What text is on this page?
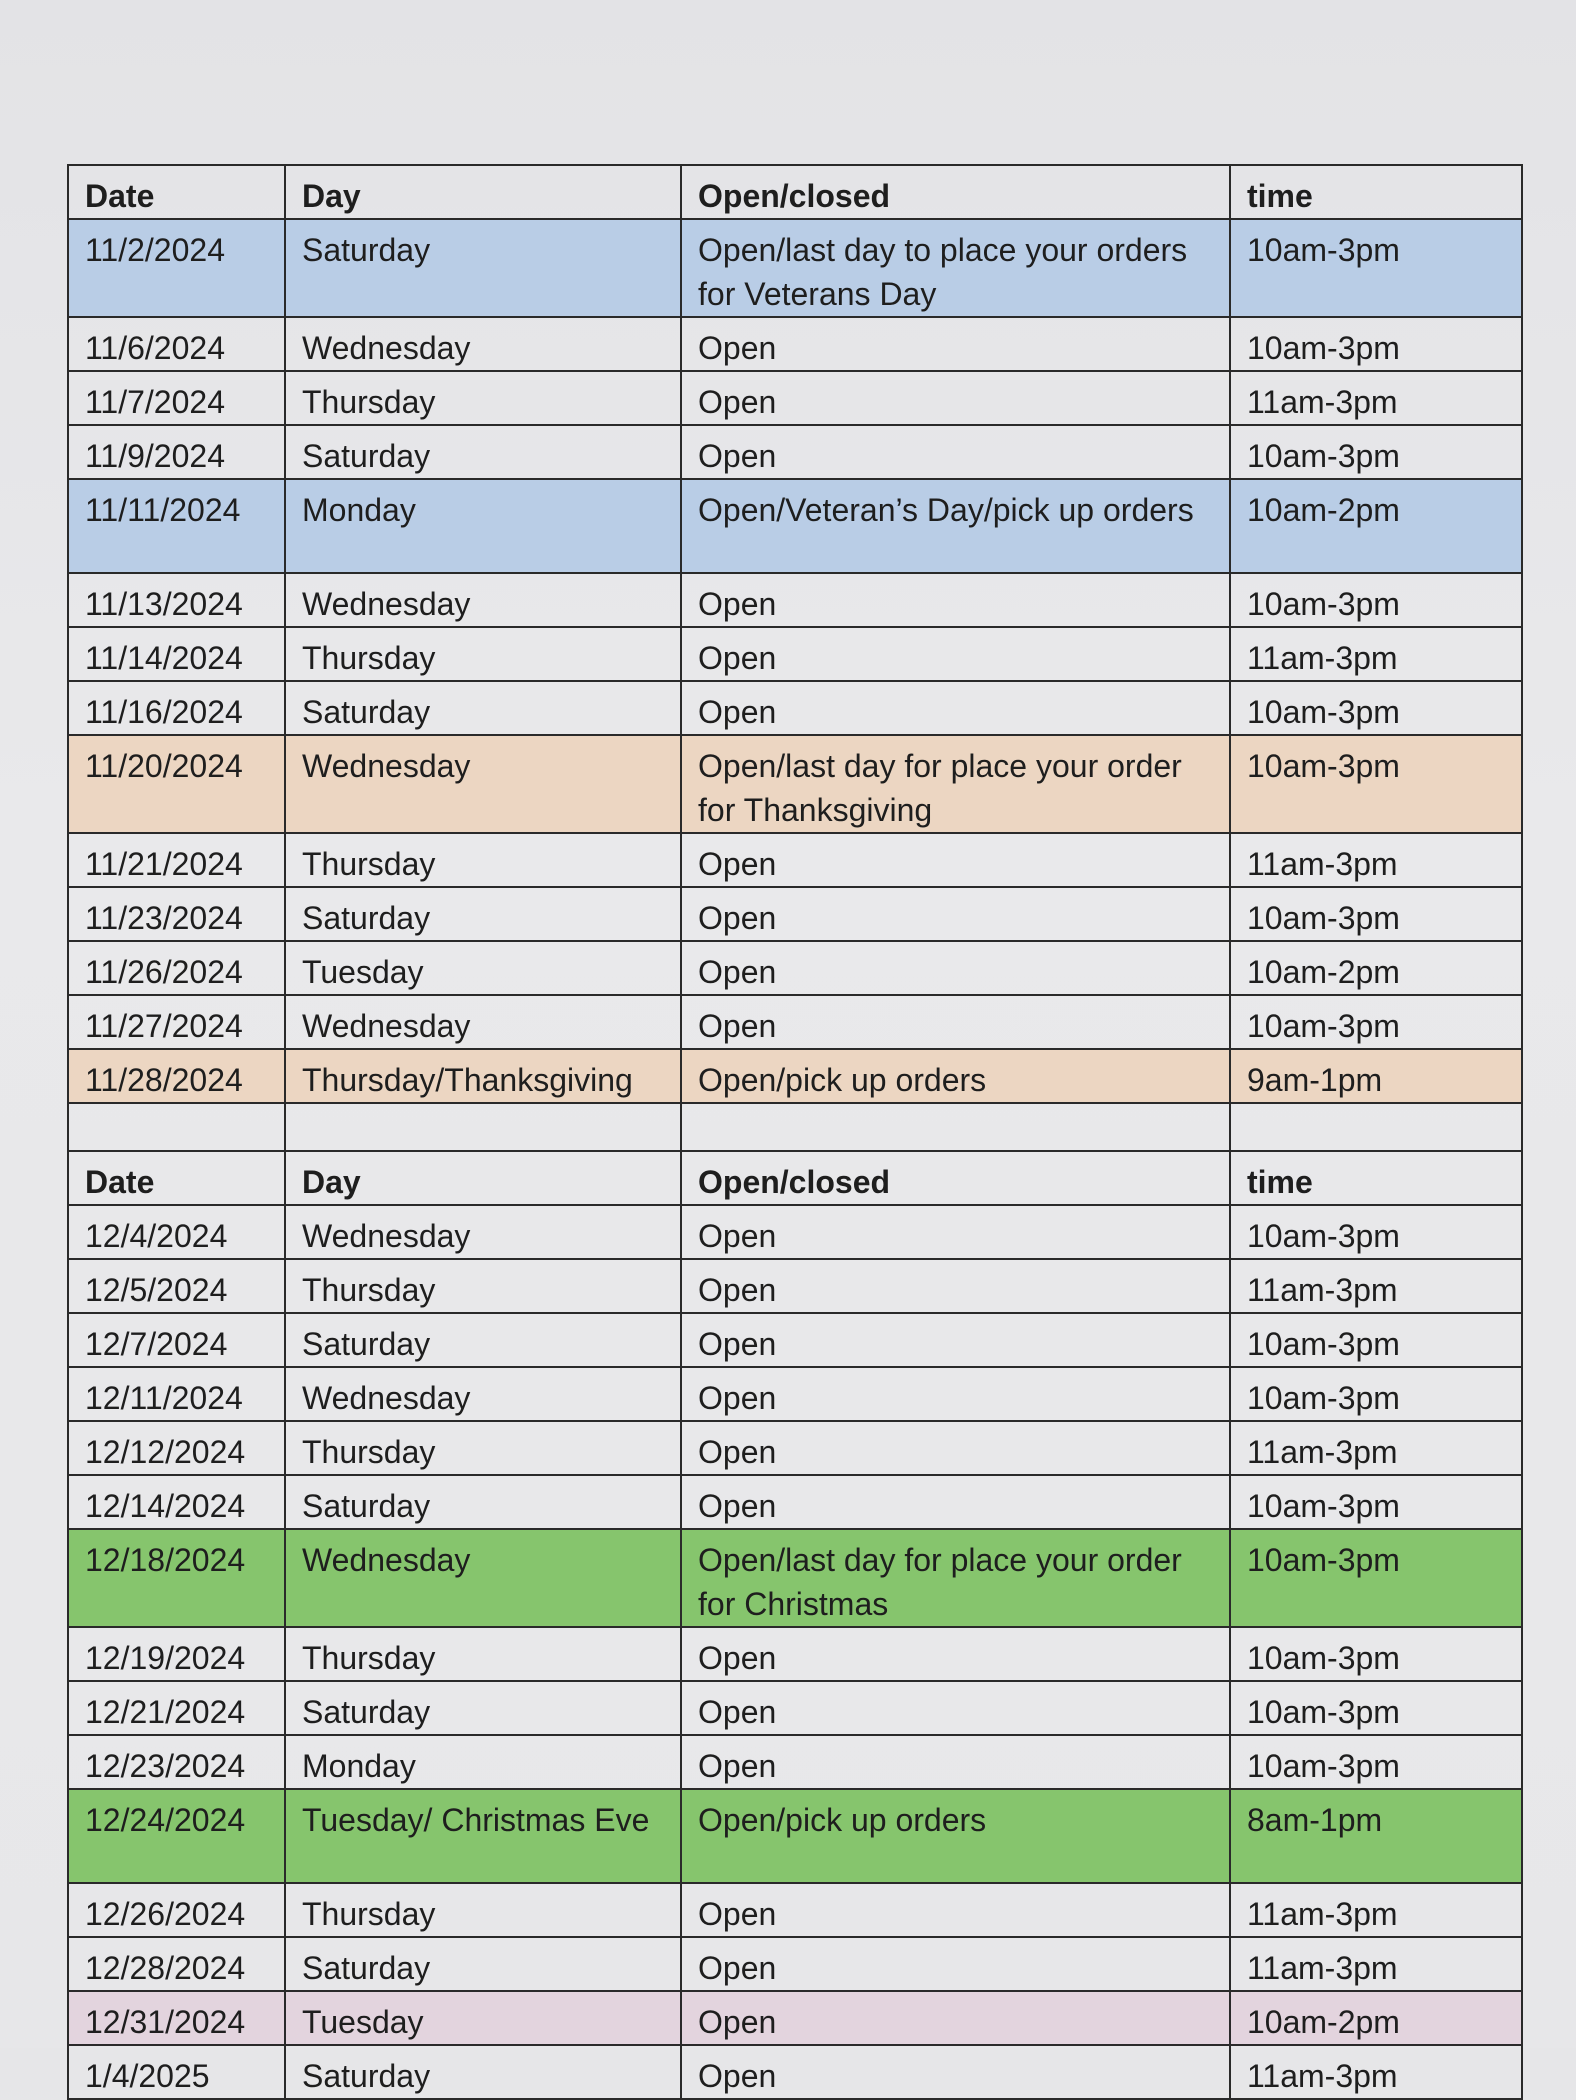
Date	Day	Open/closed	time
11/2/2024	Saturday	Open/last day to place your orders for Veterans Day	10am-3pm
11/6/2024	Wednesday	Open	10am-3pm
11/7/2024	Thursday	Open	11am-3pm
11/9/2024	Saturday	Open	10am-3pm
11/11/2024	Monday	Open/Veteran’s Day/pick up orders	10am-2pm
11/13/2024	Wednesday	Open	10am-3pm
11/14/2024	Thursday	Open	11am-3pm
11/16/2024	Saturday	Open	10am-3pm
11/20/2024	Wednesday	Open/last day for place your order for Thanksgiving	10am-3pm
11/21/2024	Thursday	Open	11am-3pm
11/23/2024	Saturday	Open	10am-3pm
11/26/2024	Tuesday	Open	10am-2pm
11/27/2024	Wednesday	Open	10am-3pm
11/28/2024	Thursday/Thanksgiving	Open/pick up orders	9am-1pm

Date	Day	Open/closed	time
12/4/2024	Wednesday	Open	10am-3pm
12/5/2024	Thursday	Open	11am-3pm
12/7/2024	Saturday	Open	10am-3pm
12/11/2024	Wednesday	Open	10am-3pm
12/12/2024	Thursday	Open	11am-3pm
12/14/2024	Saturday	Open	10am-3pm
12/18/2024	Wednesday	Open/last day for place your order for Christmas	10am-3pm
12/19/2024	Thursday	Open	10am-3pm
12/21/2024	Saturday	Open	10am-3pm
12/23/2024	Monday	Open	10am-3pm
12/24/2024	Tuesday/ Christmas Eve	Open/pick up orders	8am-1pm
12/26/2024	Thursday	Open	11am-3pm
12/28/2024	Saturday	Open	11am-3pm
12/31/2024	Tuesday	Open	10am-2pm
1/4/2025	Saturday	Open	11am-3pm
